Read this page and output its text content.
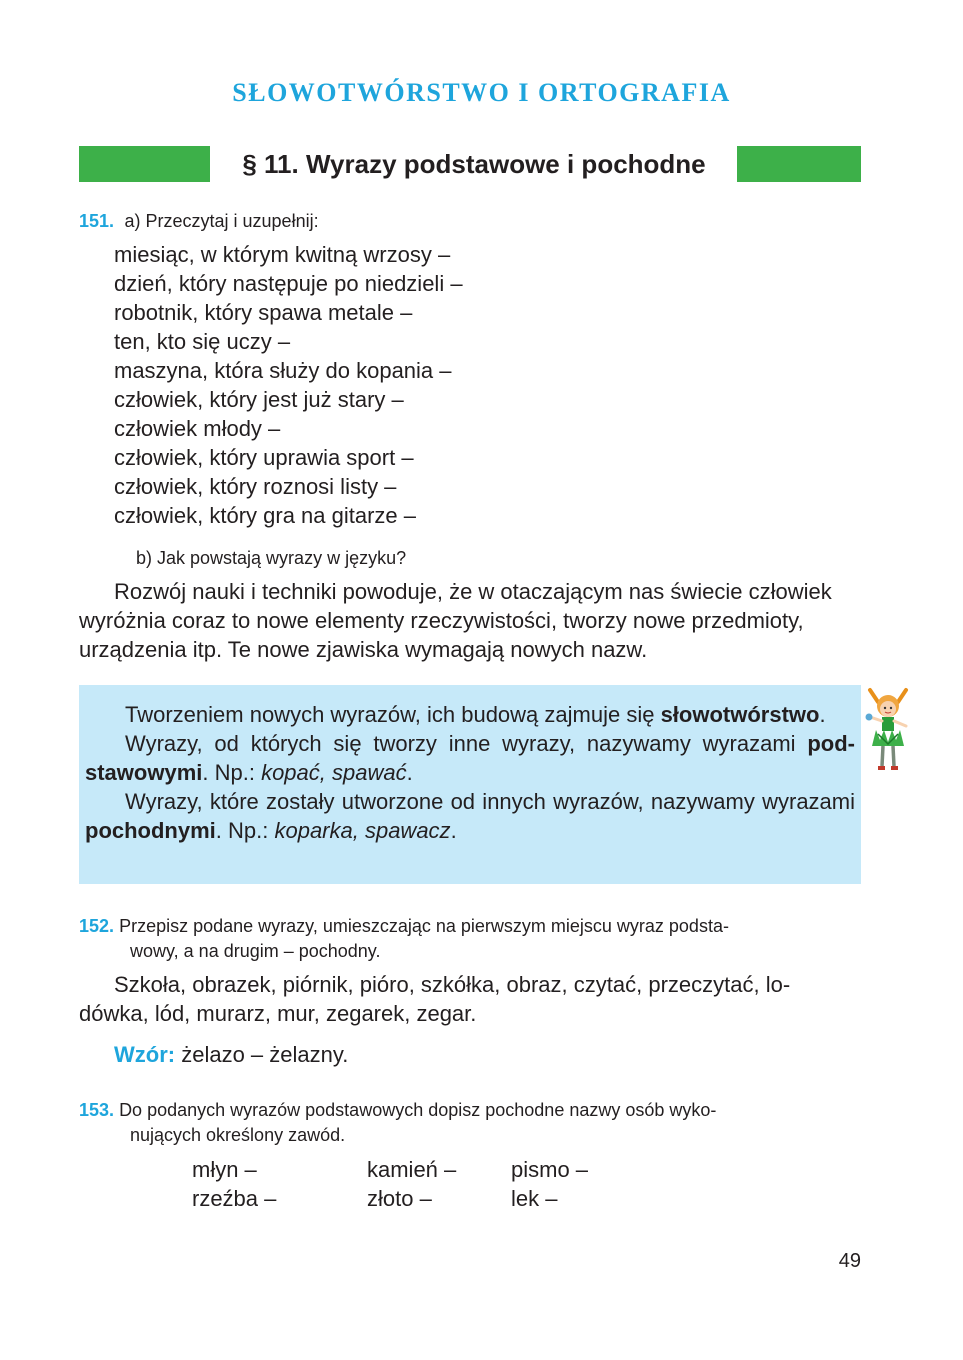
SŁOWOTWÓRSTWO I ORTOGRAFIA
§ 11. Wyrazy podstawowe i pochodne
151. a) Przeczytaj i uzupełnij:
miesiąc, w którym kwitną wrzosy –
dzień, który następuje po niedzieli –
robotnik, który spawa metale –
ten, kto się uczy –
maszyna, która służy do kopania –
człowiek, który jest już stary –
człowiek młody –
człowiek, który uprawia sport –
człowiek, który roznosi listy –
człowiek, który gra na gitarze –
b) Jak powstają wyrazy w języku?
Rozwój nauki i techniki powoduje, że w otaczającym nas świecie człowiek
wyróżnia coraz to nowe elementy rzeczywistości, tworzy nowe przedmioty,
urządzenia itp. Te nowe zjawiska wymagają nowych nazw.

Tworzeniem nowych wyrazów, ich budową zajmuje się słowotwórstwo.

Wyrazy, od których się tworzy inne wyrazy, nazywamy wyrazami podstawowymi. Np.: kopać, spawać.

Wyrazy, które zostały utworzone od innych wyrazów, nazywamy wyrazami pochodnymi. Np.: koparka, spawacz.

152. Przepisz podane wyrazy, umieszczając na pierwszym miejscu wyraz podsta-
wowy, a na drugim – pochodny.
Szkoła, obrazek, piórnik, pióro, szkółka, obraz, czytać, przeczytać, lo-
dówka, lód, murarz, mur, zegarek, zegar.
Wzór: żelazo – żelazny.
153. Do podanych wyrazów podstawowych dopisz pochodne nazwy osób wyko-
nujących określony zawód.
młyn –
rzeźba –
kamień –
złoto –
pismo –
lek –
49
